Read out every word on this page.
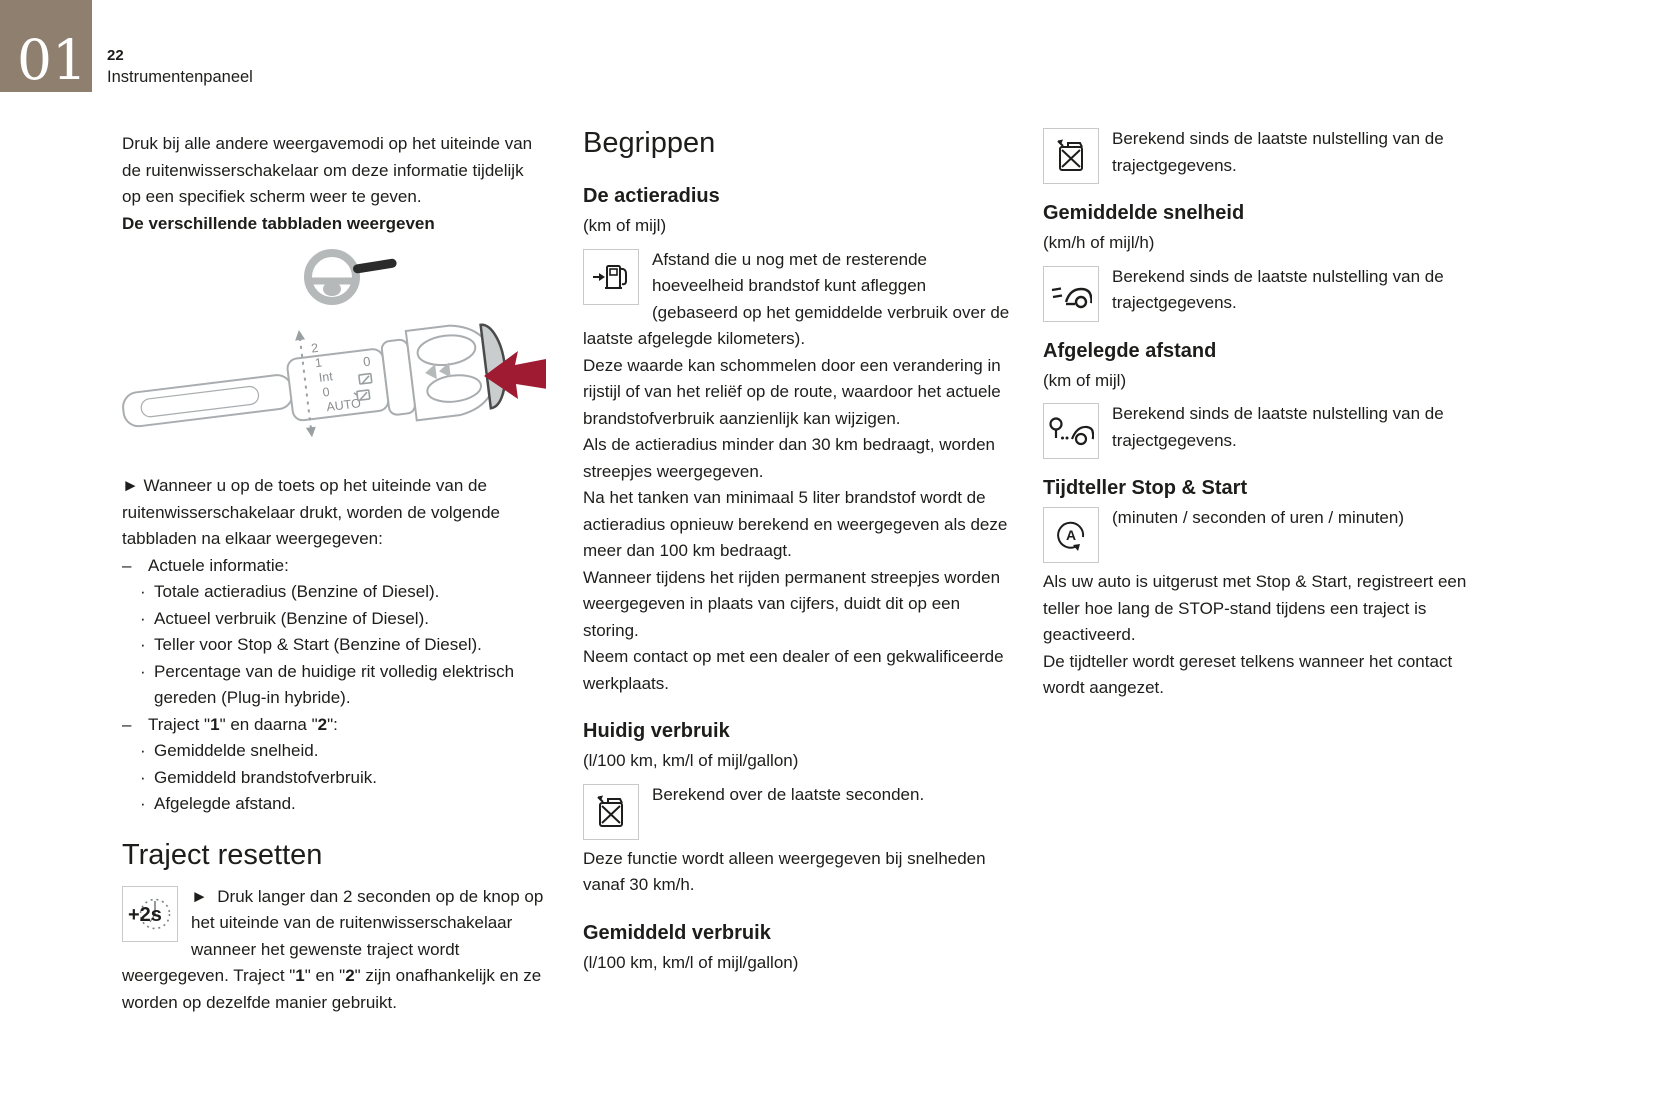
01 22
Instrumentenpaneel

Druk bij alle andere weergavemodi op het uiteinde van de ruitenwisserschakelaar om deze informatie tijdelijk op een specifiek scherm weer te geven.

De verschillende tabbladen weergeven

2
1
Int
0
AUTO
0

► Wanneer u op de toets op het uiteinde van de ruitenwisserschakelaar drukt, worden de volgende tabbladen na elkaar weergegeven:

– Actuele informatie:
· Totale actieradius (Benzine of Diesel).
· Actueel verbruik (Benzine of Diesel).
· Teller voor Stop & Start (Benzine of Diesel).
· Percentage van de huidige rit volledig elektrisch gereden (Plug-in hybride).
– Traject "1" en daarna "2":
· Gemiddelde snelheid.
· Gemiddeld brandstofverbruik.
· Afgelegde afstand.
Traject resetten
+2s

►  Druk langer dan 2 seconden op de knop op het uiteinde van de ruitenwisserschakelaar wanneer het gewenste traject wordt weergegeven. Traject "1" en "2" zijn onafhankelijk en ze worden op dezelfde manier gebruikt.

Begrippen
De actieradius

(km of mijl)

Afstand die u nog met de resterende hoeveelheid brandstof kunt afleggen (gebaseerd op het gemiddelde verbruik over de laatste afgelegde kilometers).

Deze waarde kan schommelen door een verandering in rijstijl of van het reliëf op de route, waardoor het actuele brandstofverbruik aanzienlijk kan wijzigen.

Als de actieradius minder dan 30 km bedraagt, worden streepjes weergegeven.

Na het tanken van minimaal 5 liter brandstof wordt de actieradius opnieuw berekend en weergegeven als deze meer dan 100 km bedraagt.

Wanneer tijdens het rijden permanent streepjes worden weergegeven in plaats van cijfers, duidt dit op een storing.

Neem contact op met een dealer of een gekwalificeerde werkplaats.

Huidig verbruik

(l/100 km, km/l of mijl/gallon)

Berekend over de laatste seconden.

Deze functie wordt alleen weergegeven bij snelheden vanaf 30 km/h.

Gemiddeld verbruik

(l/100 km, km/l of mijl/gallon)

Berekend sinds de laatste nulstelling van de trajectgegevens.

Gemiddelde snelheid

(km/h of mijl/h)

Berekend sinds de laatste nulstelling van de trajectgegevens.

Afgelegde afstand

(km of mijl)

Berekend sinds de laatste nulstelling van de trajectgegevens.

Tijdteller Stop & Start
A

(minuten / seconden of uren / minuten)

Als uw auto is uitgerust met Stop & Start, registreert een teller hoe lang de STOP-stand tijdens een traject is geactiveerd.

De tijdteller wordt gereset telkens wanneer het contact wordt aangezet.
